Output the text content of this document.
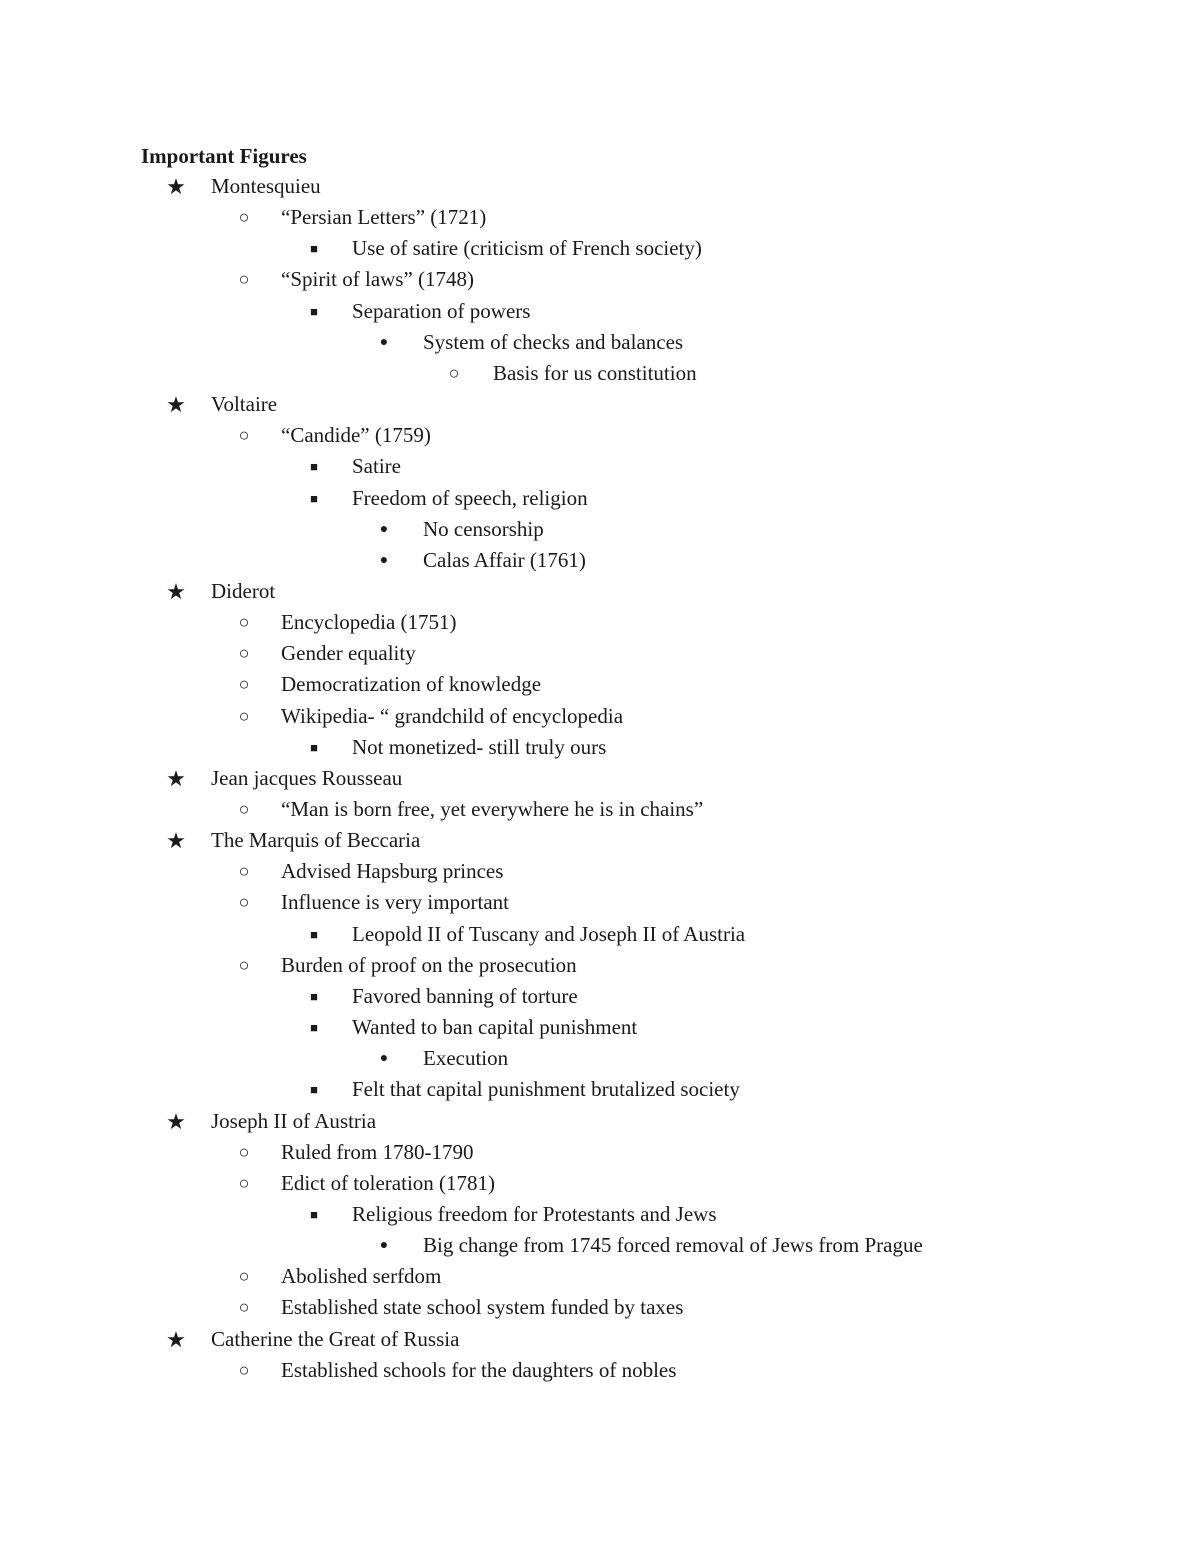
Important Figures
★ Montesquieu
○	“Persian Letters” (1721)
■	Use of satire (criticism of French society)
○	“Spirit of laws” (1748)
■	Separation of powers
●	System of checks and balances
○	Basis for us constitution
★ Voltaire
○	“Candide” (1759)
■	Satire
■	Freedom of speech, religion
●	No censorship
●	Calas Affair (1761)
★ Diderot
○	Encyclopedia (1751)
○	Gender equality
○	Democratization of knowledge
○	Wikipedia- “ grandchild of encyclopedia
■	Not monetized- still truly ours
★ Jean jacques Rousseau
○	“Man is born free, yet everywhere he is in chains”
★ The Marquis of Beccaria
○	Advised Hapsburg princes
○	Influence is very important
■	Leopold II of Tuscany and Joseph II of Austria
○	Burden of proof on the prosecution
■	Favored banning of torture
■	Wanted to ban capital punishment
●	Execution
■	Felt that capital punishment brutalized society
★ Joseph II of Austria
○	Ruled from 1780-1790
○	Edict of toleration (1781)
■	Religious freedom for Protestants and Jews
●	Big change from 1745 forced removal of Jews from Prague
○	Abolished serfdom
○	Established state school system funded by taxes
★ Catherine the Great of Russia
○	Established schools for the daughters of nobles
